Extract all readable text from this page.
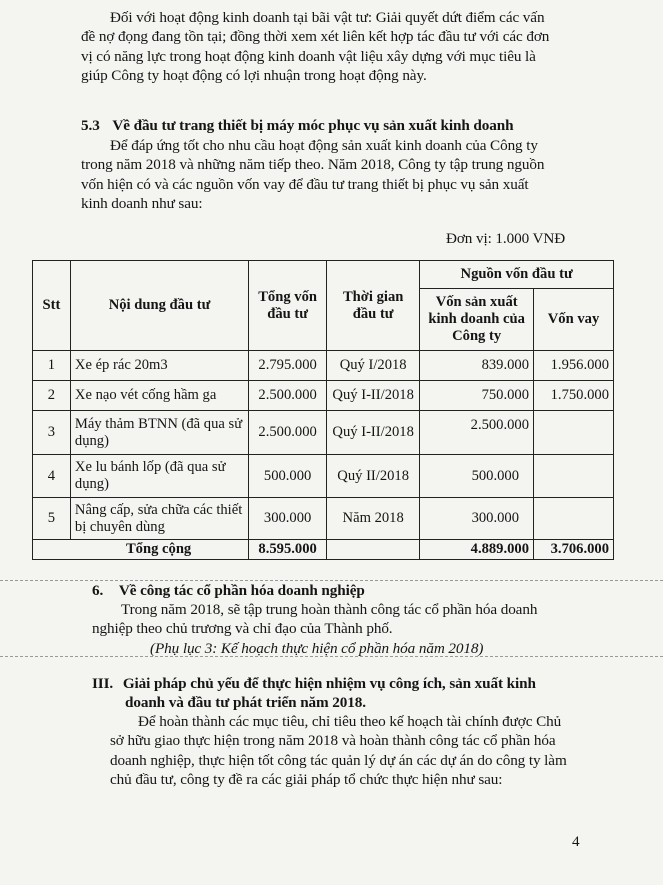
Đối với hoạt động kinh doanh tại bãi vật tư: Giải quyết dứt điểm các vấn
đề nợ đọng đang tồn tại; đồng thời xem xét liên kết hợp tác đầu tư với các đơn
vị có năng lực trong hoạt động kinh doanh vật liệu xây dựng với mục tiêu là
giúp Công ty hoạt động có lợi nhuận trong hoạt động này.
5.3 Về đầu tư trang thiết bị máy móc phục vụ sản xuất kinh doanh
Để đáp ứng tốt cho nhu cầu hoạt động sản xuất kinh doanh của Công ty
trong năm 2018 và những năm tiếp theo. Năm 2018, Công ty tập trung nguồn
vốn hiện có và các nguồn vốn vay để đầu tư trang thiết bị phục vụ sản xuất
kinh doanh như sau:
Đơn vị: 1.000 VNĐ
Stt	Nội dung đầu tư	Tổng vốn đầu tư	Thời gian đầu tư	Nguồn vốn đầu tư	
				Vốn sản xuất kinh doanh của Công ty	Vốn vay
1	Xe ép rác 20m3	2.795.000	Quý I/2018	839.000	1.956.000
2	Xe nạo vét cống hầm ga	2.500.000	Quý I-II/2018	750.000	1.750.000
3	Máy thảm BTNN (đã qua sử dụng)	2.500.000	Quý I-II/2018	2.500.000	
4	Xe lu bánh lốp (đã qua sử dụng)	500.000	Quý II/2018	500.000	
5	Nâng cấp, sửa chữa các thiết bị chuyên dùng	300.000	Năm 2018	300.000	
Tổng cộng		8.595.000		4.889.000	3.706.000
6. Về công tác cổ phần hóa doanh nghiệp
Trong năm 2018, sẽ tập trung hoàn thành công tác cổ phần hóa doanh
nghiệp theo chủ trương và chỉ đạo của Thành phố.
(Phụ lục 3: Kế hoạch thực hiện cổ phần hóa năm 2018)
III. Giải pháp chủ yếu để thực hiện nhiệm vụ công ích, sản xuất kinh
doanh và đầu tư phát triển năm 2018.
Để hoàn thành các mục tiêu, chỉ tiêu theo kế hoạch tài chính được Chủ
sở hữu giao thực hiện trong năm 2018 và hoàn thành công tác cổ phần hóa
doanh nghiệp, thực hiện tốt công tác quản lý dự án các dự án do công ty làm
chủ đầu tư, công ty đề ra các giải pháp tổ chức thực hiện như sau:
4
